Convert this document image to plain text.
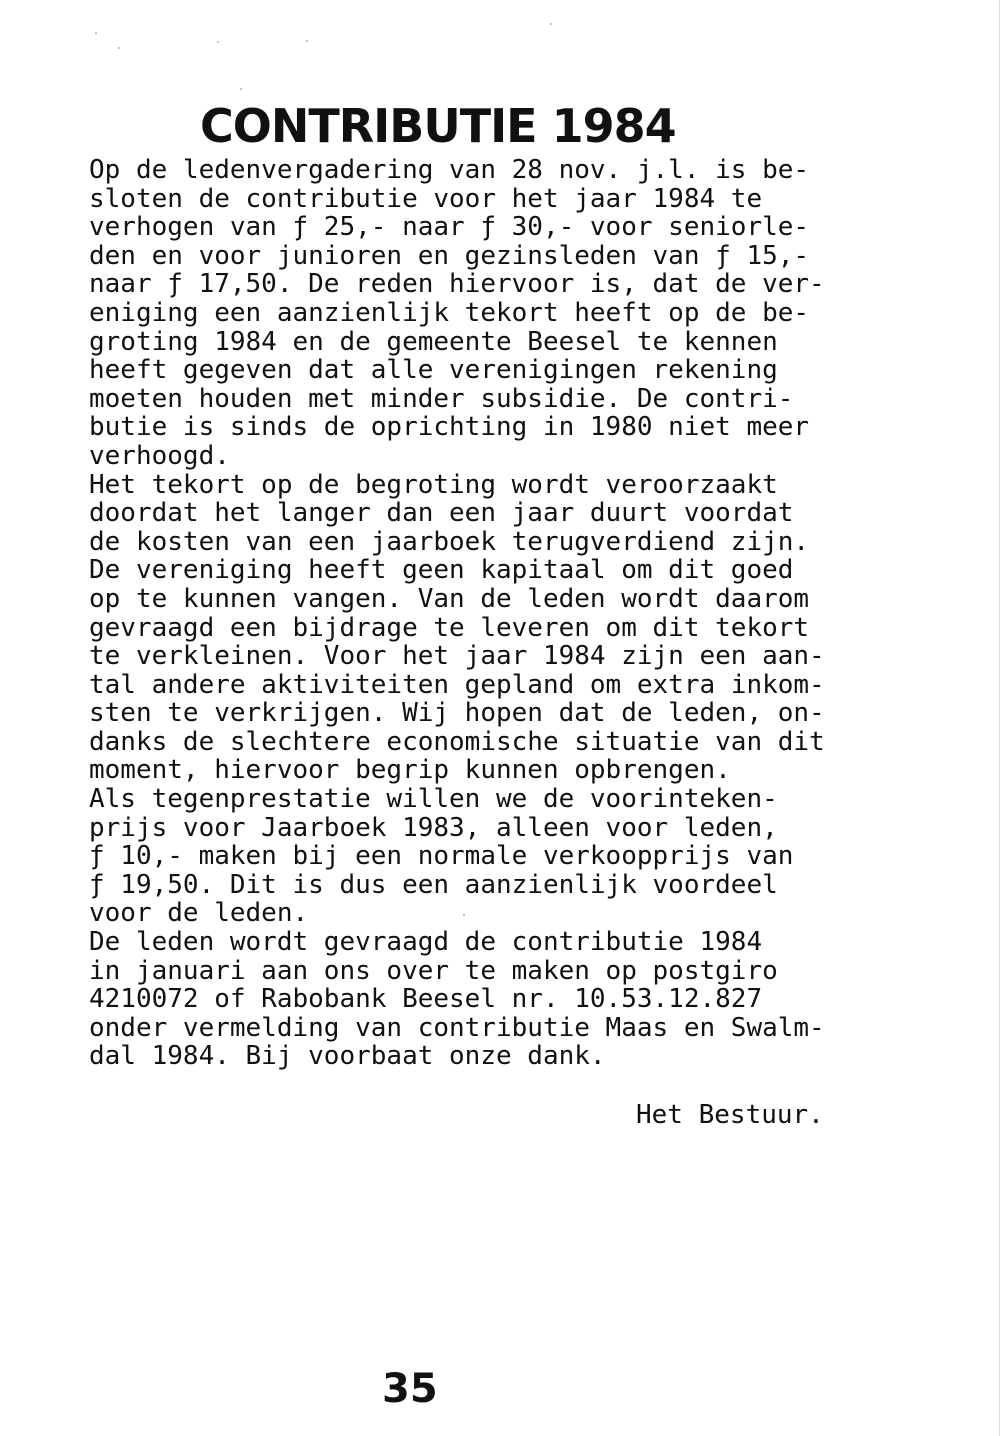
CONTRIBUTIE 1984
Op de ledenvergadering van 28 nov. j.l. is be-
sloten de contributie voor het jaar 1984 te
verhogen van ƒ 25,- naar ƒ 30,- voor seniorle-
den en voor junioren en gezinsleden van ƒ 15,-
naar ƒ 17,50. De reden hiervoor is, dat de ver-
eniging een aanzienlijk tekort heeft op de be-
groting 1984 en de gemeente Beesel te kennen
heeft gegeven dat alle verenigingen rekening
moeten houden met minder subsidie. De contri-
butie is sinds de oprichting in 1980 niet meer
verhoogd.
Het tekort op de begroting wordt veroorzaakt
doordat het langer dan een jaar duurt voordat
de kosten van een jaarboek terugverdiend zijn.
De vereniging heeft geen kapitaal om dit goed
op te kunnen vangen. Van de leden wordt daarom
gevraagd een bijdrage te leveren om dit tekort
te verkleinen. Voor het jaar 1984 zijn een aan-
tal andere aktiviteiten gepland om extra inkom-
sten te verkrijgen. Wij hopen dat de leden, on-
danks de slechtere economische situatie van dit
moment, hiervoor begrip kunnen opbrengen.
Als tegenprestatie willen we de voorinteken-
prijs voor Jaarboek 1983, alleen voor leden,
ƒ 10,- maken bij een normale verkoopprijs van
ƒ 19,50. Dit is dus een aanzienlijk voordeel
voor de leden.
De leden wordt gevraagd de contributie 1984
in januari aan ons over te maken op postgiro
4210072 of Rabobank Beesel nr. 10.53.12.827
onder vermelding van contributie Maas en Swalm-
dal 1984. Bij voorbaat onze dank.
Het Bestuur.
35
